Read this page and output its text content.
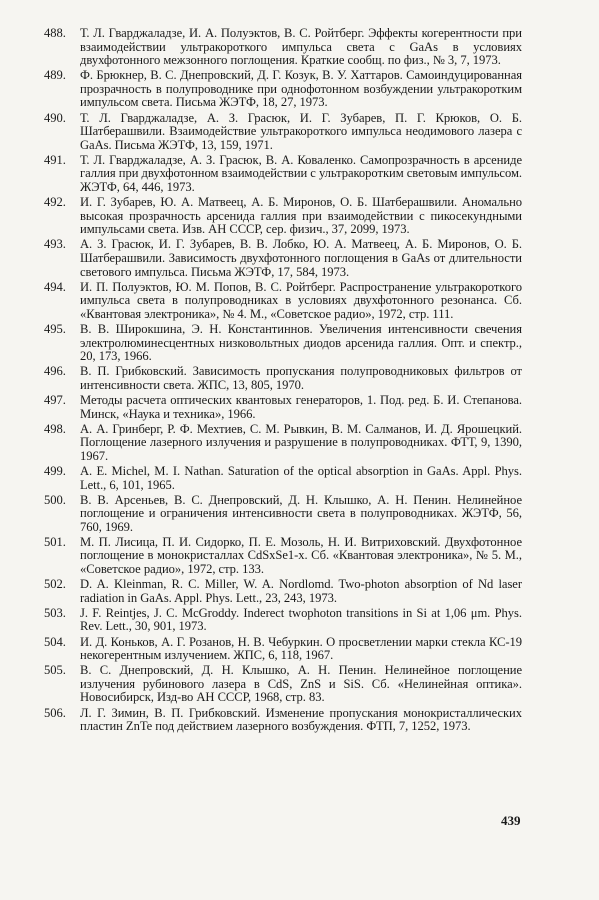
488.	Т. Л. Гварджаладзе, И. А. Полуэктов, В. С. Ройтберг. Эффекты когерентности при взаимодействии ультракороткого импульса света с GaAs в условиях двухфотонного межзонного поглощения. Краткие сообщ. по физ., № 3, 7, 1973.
489.	Ф. Брюкнер, В. С. Днепровский, Д. Г. Козук, В. У. Хаттаров. Самоиндуцированная прозрачность в полупроводнике при однофотонном возбуждении ультракоротким импульсом света. Письма ЖЭТФ, 18, 27, 1973.
490.	Т. Л. Гварджаладзе, А. З. Грасюк, И. Г. Зубарев, П. Г. Крюков, О. Б. Шатберашвили. Взаимодействие ультракороткого импульса неодимового лазера с GaAs. Письма ЖЭТФ, 13, 159, 1971.
491.	Т. Л. Гварджаладзе, А. З. Грасюк, В. А. Коваленко. Самопрозрачность в арсениде галлия при двухфотонном взаимодействии с ультракоротким световым импульсом. ЖЭТФ, 64, 446, 1973.
492.	И. Г. Зубарев, Ю. А. Матвеец, А. Б. Миронов, О. Б. Шатберашвили. Аномально высокая прозрачность арсенида галлия при взаимодействии с пикосекундными импульсами света. Изв. АН СССР, сер. физич., 37, 2099, 1973.
493.	А. З. Грасюк, И. Г. Зубарев, В. В. Лобко, Ю. А. Матвеец, А. Б. Миронов, О. Б. Шатберашвили. Зависимость двухфотонного поглощения в GaAs от длительности светового импульса. Письма ЖЭТФ, 17, 584, 1973.
494.	И. П. Полуэктов, Ю. М. Попов, В. С. Ройтберг. Распространение ультракороткого импульса света в полупроводниках в условиях двухфотонного резонанса. Сб. «Квантовая электроника», № 4. М., «Советское радио», 1972, стр. 111.
495.	В. В. Широкшина, Э. Н. Константиннов. Увеличения интенсивности свечения электролюминесцентных низковольтных диодов арсенида галлия. Опт. и спектр., 20, 173, 1966.
496.	В. П. Грибковский. Зависимость пропускания полупроводниковых фильтров от интенсивности света. ЖПС, 13, 805, 1970.
497.	Методы расчета оптических квантовых генераторов, 1. Под. ред. Б. И. Степанова. Минск, «Наука и техника», 1966.
498.	А. А. Гринберг, Р. Ф. Мехтиев, С. М. Рывкин, В. М. Салманов, И. Д. Ярошецкий. Поглощение лазерного излучения и разрушение в полупроводниках. ФТТ, 9, 1390, 1967.
499.	A. E. Michel, M. I. Nathan. Saturation of the optical absorption in GaAs. Appl. Phys. Lett., 6, 101, 1965.
500.	В. В. Арсеньев, В. С. Днепровский, Д. Н. Клышко, А. Н. Пенин. Нелинейное поглощение и ограничения интенсивности света в полупроводниках. ЖЭТФ, 56, 760, 1969.
501.	М. П. Лисица, П. И. Сидорко, П. Е. Мозоль, Н. И. Витриховский. Двухфотонное поглощение в монокристаллах CdSxSe1-x. Сб. «Квантовая электроника», № 5. М., «Советское радио», 1972, стр. 133.
502.	D. A. Kleinman, R. C. Miller, W. A. Nordlomd. Two-photon absorption of Nd laser radiation in GaAs. Appl. Phys. Lett., 23, 243, 1973.
503.	J. F. Reintjes, J. C. McGroddy. Inderect twophoton transitions in Si at 1,06 μm. Phys. Rev. Lett., 30, 901, 1973.
504.	И. Д. Коньков, А. Г. Розанов, Н. В. Чебуркин. О просветлении марки стекла КС-19 некогерентным излучением. ЖПС, 6, 118, 1967.
505.	В. С. Днепровский, Д. Н. Клышко, А. Н. Пенин. Нелинейное поглощение излучения рубинового лазера в CdS, ZnS и SiS. Сб. «Нелинейная оптика». Новосибирск, Изд-во АН СССР, 1968, стр. 83.
506.	Л. Г. Зимин, В. П. Грибковский. Изменение пропускания монокристаллических пластин ZnTe под действием лазерного возбуждения. ФТП, 7, 1252, 1973.
439
